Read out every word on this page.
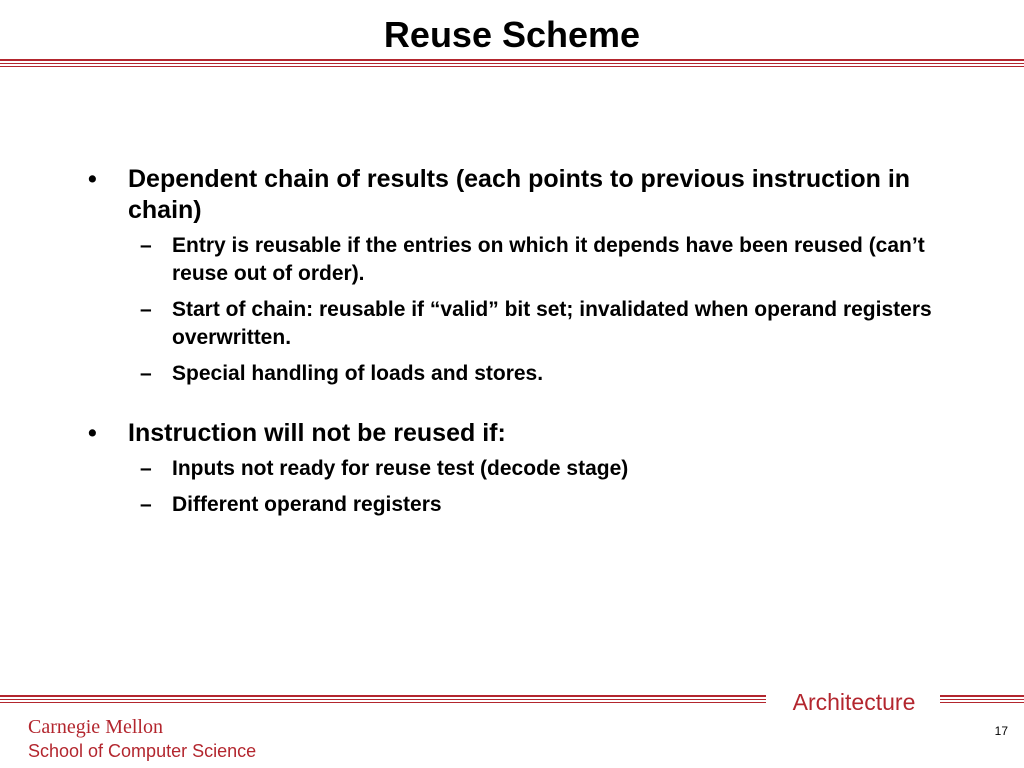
Reuse Scheme
• Dependent chain of results (each points to previous instruction in chain)
– Entry is reusable if the entries on which it depends have been reused (can’t reuse out of order).
– Start of chain: reusable if “valid” bit set; invalidated when operand registers overwritten.
– Special handling of loads and stores.
• Instruction will not be reused if:
– Inputs not ready for reuse test (decode stage)
– Different operand registers
Architecture
Carnegie Mellon
School of Computer Science
17
